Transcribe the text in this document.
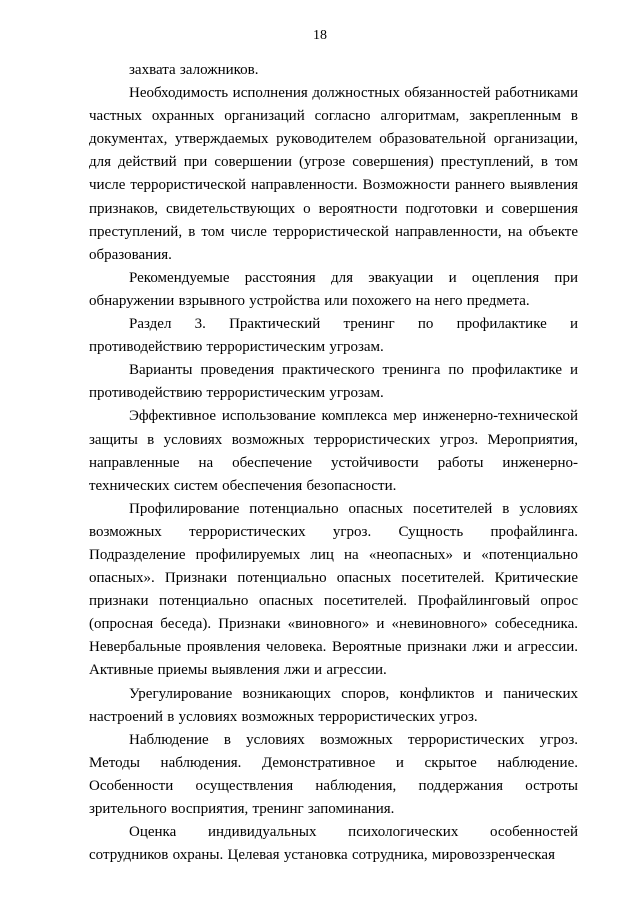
18

захвата заложников.

Необходимость исполнения должностных обязанностей работниками частных охранных организаций согласно алгоритмам, закрепленным в документах, утверждаемых руководителем образовательной организации, для действий при совершении (угрозе совершения) преступлений, в том числе террористической направленности. Возможности раннего выявления признаков, свидетельствующих о вероятности подготовки и совершения преступлений, в том числе террористической направленности, на объекте образования.

Рекомендуемые расстояния для эвакуации и оцепления при обнаружении взрывного устройства или похожего на него предмета.

Раздел 3. Практический тренинг по профилактике и противодействию террористическим угрозам.

Варианты проведения практического тренинга по профилактике и противодействию террористическим угрозам.

Эффективное использование комплекса мер инженерно-технической защиты в условиях возможных террористических угроз. Мероприятия, направленные на обеспечение устойчивости работы инженерно-технических систем обеспечения безопасности.

Профилирование потенциально опасных посетителей в условиях возможных террористических угроз. Сущность профайлинга. Подразделение профилируемых лиц на «неопасных» и «потенциально опасных». Признаки потенциально опасных посетителей. Критические признаки потенциально опасных посетителей. Профайлинговый опрос (опросная беседа). Признаки «виновного» и «невиновного» собеседника. Невербальные проявления человека. Вероятные признаки лжи и агрессии. Активные приемы выявления лжи и агрессии.

Урегулирование возникающих споров, конфликтов и панических настроений в условиях возможных террористических угроз.

Наблюдение в условиях возможных террористических угроз. Методы наблюдения. Демонстративное и скрытое наблюдение. Особенности осуществления наблюдения, поддержания остроты зрительного восприятия, тренинг запоминания.

Оценка индивидуальных психологических особенностей сотрудников охраны. Целевая установка сотрудника, мировоззренческая
